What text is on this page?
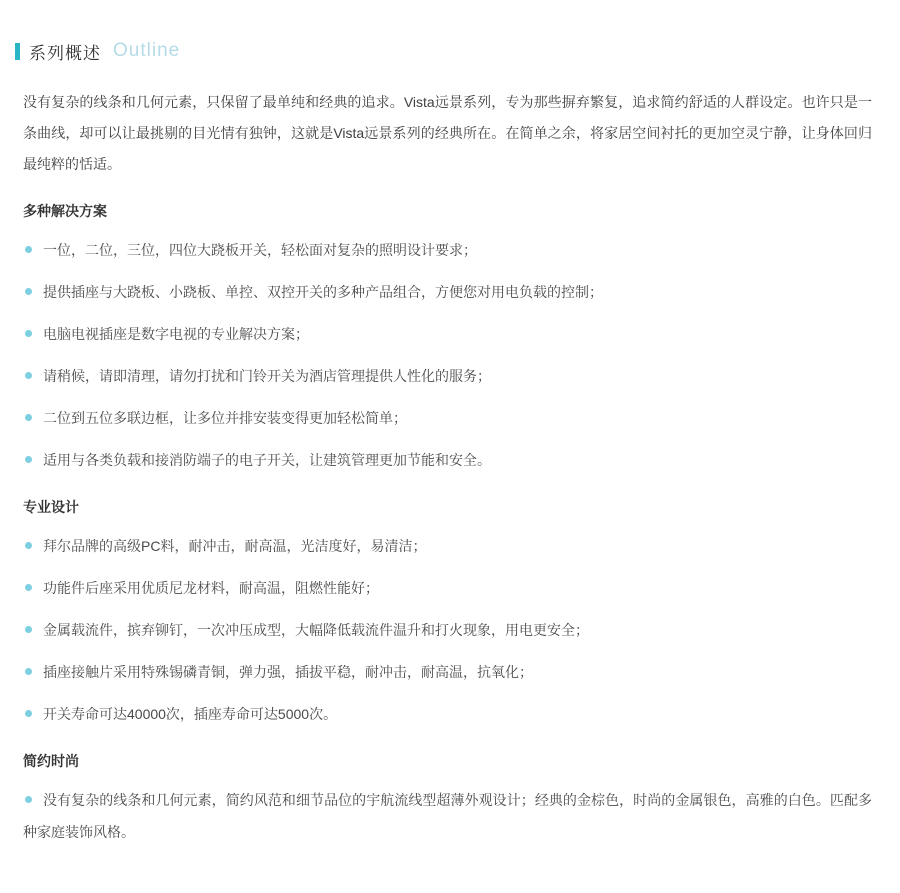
系列概述 Outline

没有复杂的线条和几何元素，只保留了最单纯和经典的追求。Vista远景系列，专为那些摒弃繁复，追求简约舒适的人群设定。也许只是一条曲线，却可以让最挑剔的目光情有独钟，这就是Vista远景系列的经典所在。在简单之余，将家居空间衬托的更加空灵宁静，让身体回归最纯粹的恬适。

多种解决方案

一位，二位，三位，四位大跷板开关，轻松面对复杂的照明设计要求；

提供插座与大跷板、小跷板、单控、双控开关的多种产品组合，方便您对用电负载的控制；

电脑电视插座是数字电视的专业解决方案；

请稍候，请即清理，请勿打扰和门铃开关为酒店管理提供人性化的服务；

二位到五位多联边框，让多位并排安装变得更加轻松简单；

适用与各类负载和接消防端子的电子开关，让建筑管理更加节能和安全。

专业设计

拜尔品牌的高级PC料，耐冲击，耐高温，光洁度好，易清洁；

功能件后座采用优质尼龙材料，耐高温，阻燃性能好；

金属载流件，摈弃铆钉，一次冲压成型，大幅降低载流件温升和打火现象，用电更安全；

插座接触片采用特殊锡磷青铜，弹力强，插拔平稳，耐冲击，耐高温，抗氧化；

开关寿命可达40000次，插座寿命可达5000次。

简约时尚

没有复杂的线条和几何元素，简约风范和细节品位的宇航流线型超薄外观设计；经典的金棕色，时尚的金属银色，高雅的白色。匹配多种家庭装饰风格。
